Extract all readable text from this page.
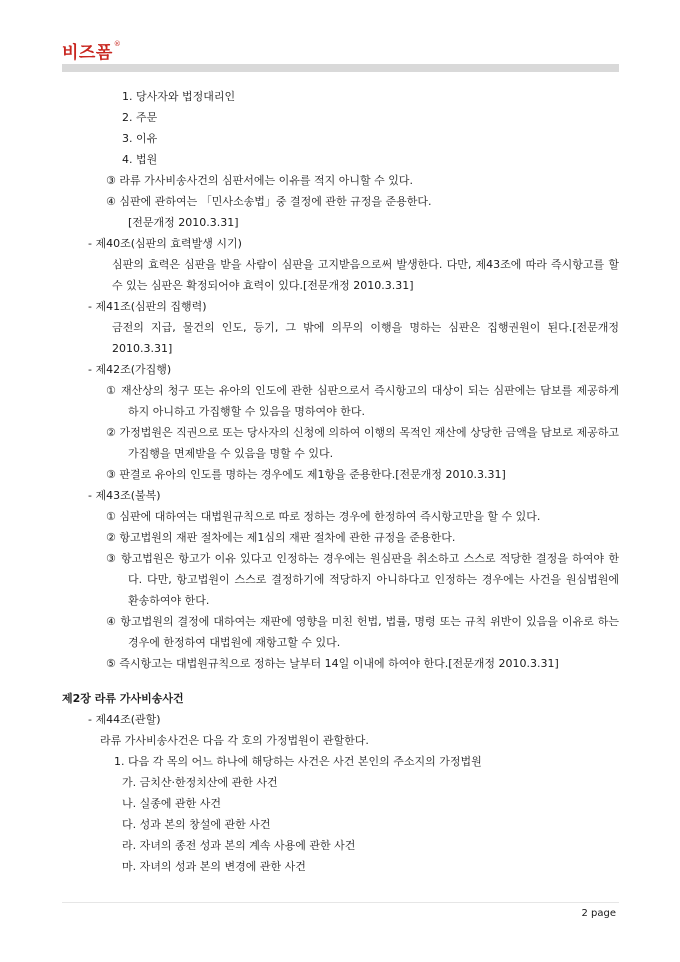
비즈폼®
1. 당사자와 법정대리인
2. 주문
3. 이유
4. 법원
③ 라류 가사비송사건의 심판서에는 이유를 적지 아니할 수 있다.
④ 심판에 관하여는 「민사소송법」중 결정에 관한 규정을 준용한다.
[전문개정 2010.3.31]
- 제40조(심판의 효력발생 시기)
심판의 효력은 심판을 받을 사람이 심판을 고지받음으로써 발생한다. 다만, 제43조에 따라 즉시항고를 할 수 있는 심판은 확정되어야 효력이 있다.[전문개정 2010.3.31]
- 제41조(심판의 집행력)
금전의 지급, 물건의 인도, 등기, 그 밖에 의무의 이행을 명하는 심판은 집행권원이 된다.[전문개정 2010.3.31]
- 제42조(가집행)
① 재산상의 청구 또는 유아의 인도에 관한 심판으로서 즉시항고의 대상이 되는 심판에는 담보를 제공하게 하지 아니하고 가집행할 수 있음을 명하여야 한다.
② 가정법원은 직권으로 또는 당사자의 신청에 의하여 이행의 목적인 재산에 상당한 금액을 담보로 제공하고 가집행을 면제받을 수 있음을 명할 수 있다.
③ 판결로 유아의 인도를 명하는 경우에도 제1항을 준용한다.[전문개정 2010.3.31]
- 제43조(불복)
① 심판에 대하여는 대법원규칙으로 따로 정하는 경우에 한정하여 즉시항고만을 할 수 있다.
② 항고법원의 재판 절차에는 제1심의 재판 절차에 관한 규정을 준용한다.
③ 항고법원은 항고가 이유 있다고 인정하는 경우에는 원심판을 취소하고 스스로 적당한 결정을 하여야 한다. 다만, 항고법원이 스스로 결정하기에 적당하지 아니하다고 인정하는 경우에는 사건을 원심법원에 환송하여야 한다.
④ 항고법원의 결정에 대하여는 재판에 영향을 미친 헌법, 법률, 명령 또는 규칙 위반이 있음을 이유로 하는 경우에 한정하여 대법원에 재항고할 수 있다.
⑤ 즉시항고는 대법원규칙으로 정하는 날부터 14일 이내에 하여야 한다.[전문개정 2010.3.31]
제2장 라류 가사비송사건
- 제44조(관할)
라류 가사비송사건은 다음 각 호의 가정법원이 관할한다.
1. 다음 각 목의 어느 하나에 해당하는 사건은 사건 본인의 주소지의 가정법원
가. 금치산·한정치산에 관한 사건
나. 실종에 관한 사건
다. 성과 본의 창설에 관한 사건
라. 자녀의 종전 성과 본의 계속 사용에 관한 사건
마. 자녀의 성과 본의 변경에 관한 사건
2 page
